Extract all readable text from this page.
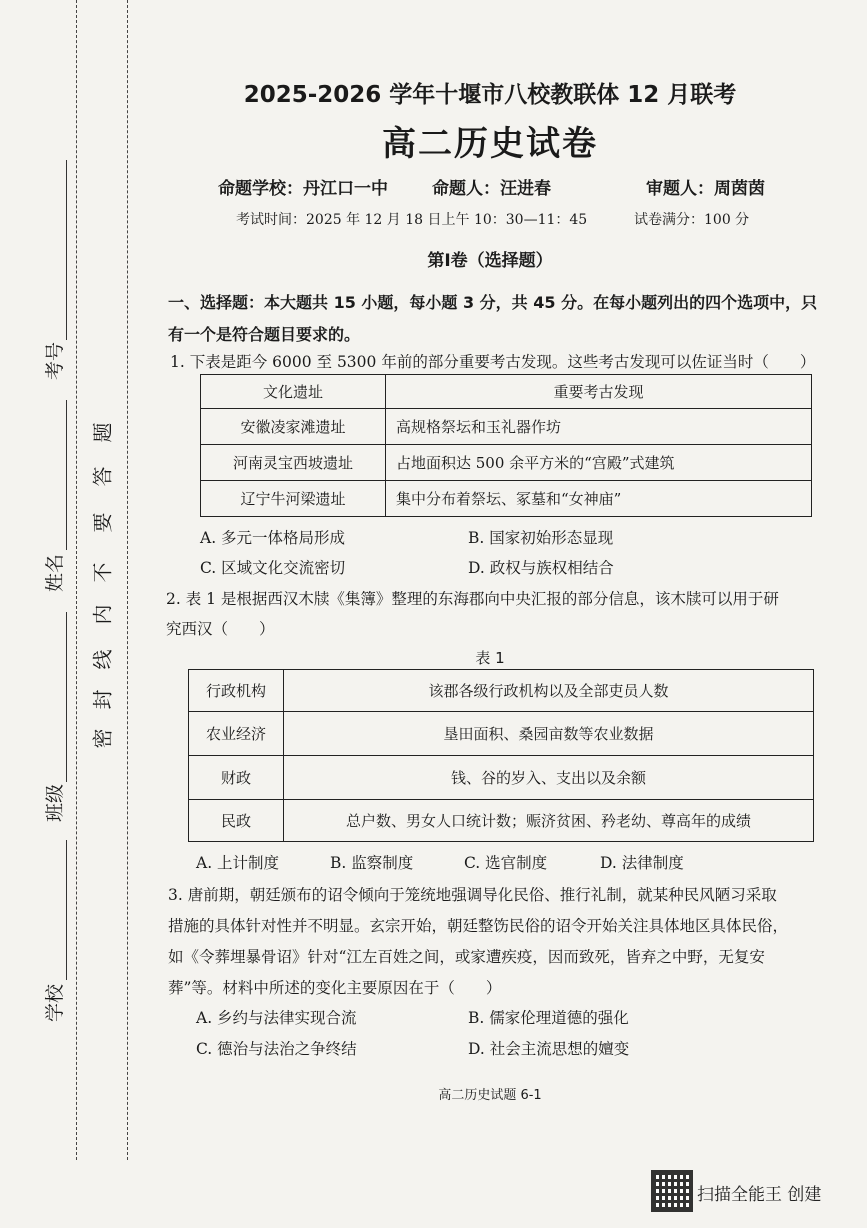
考号
姓名
班级
学校
密
封
线
内
不
要
答
题
2025-2026 学年十堰市八校教联体 12 月联考
高二历史试卷
命题学校：丹江口一中	命题人：汪进春	审题人：周茵茵
考试时间：2025 年 12 月 18 日上午 10：30—11：45	试卷满分：100 分
第Ⅰ卷（选择题）
一、选择题：本大题共 15 小题，每小题 3 分，共 45 分。在每小题列出的四个选项中，只
有一个是符合题目要求的。
1. 下表是距今 6000 至 5300 年前的部分重要考古发现。这些考古发现可以佐证当时（　　）
文化遗址	重要考古发现
安徽凌家滩遗址	高规格祭坛和玉礼器作坊
河南灵宝西坡遗址	占地面积达 500 余平方米的“宫殿”式建筑
辽宁牛河梁遗址	集中分布着祭坛、冢墓和“女神庙”
A. 多元一体格局形成	B. 国家初始形态显现
C. 区域文化交流密切	D. 政权与族权相结合
2. 表 1 是根据西汉木牍《集簿》整理的东海郡向中央汇报的部分信息，该木牍可以用于研
究西汉（　　）
表 1
行政机构	该郡各级行政机构以及全部吏员人数
农业经济	垦田面积、桑园亩数等农业数据
财政	钱、谷的岁入、支出以及余额
民政	总户数、男女人口统计数；赈济贫困、矜老幼、尊高年的成绩
A. 上计制度	B. 监察制度	C. 选官制度	D. 法律制度
3. 唐前期，朝廷颁布的诏令倾向于笼统地强调导化民俗、推行礼制，就某种民风陋习采取
措施的具体针对性并不明显。玄宗开始，朝廷整饬民俗的诏令开始关注具体地区具体民俗，
如《令葬埋暴骨诏》针对“江左百姓之间，或家遭疾疫，因而致死，皆弃之中野，无复安
葬”等。材料中所述的变化主要原因在于（　　）
A. 乡约与法律实现合流	B. 儒家伦理道德的强化
C. 德治与法治之争终结	D. 社会主流思想的嬗变
高二历史试题 6-1
扫描全能王 创建
